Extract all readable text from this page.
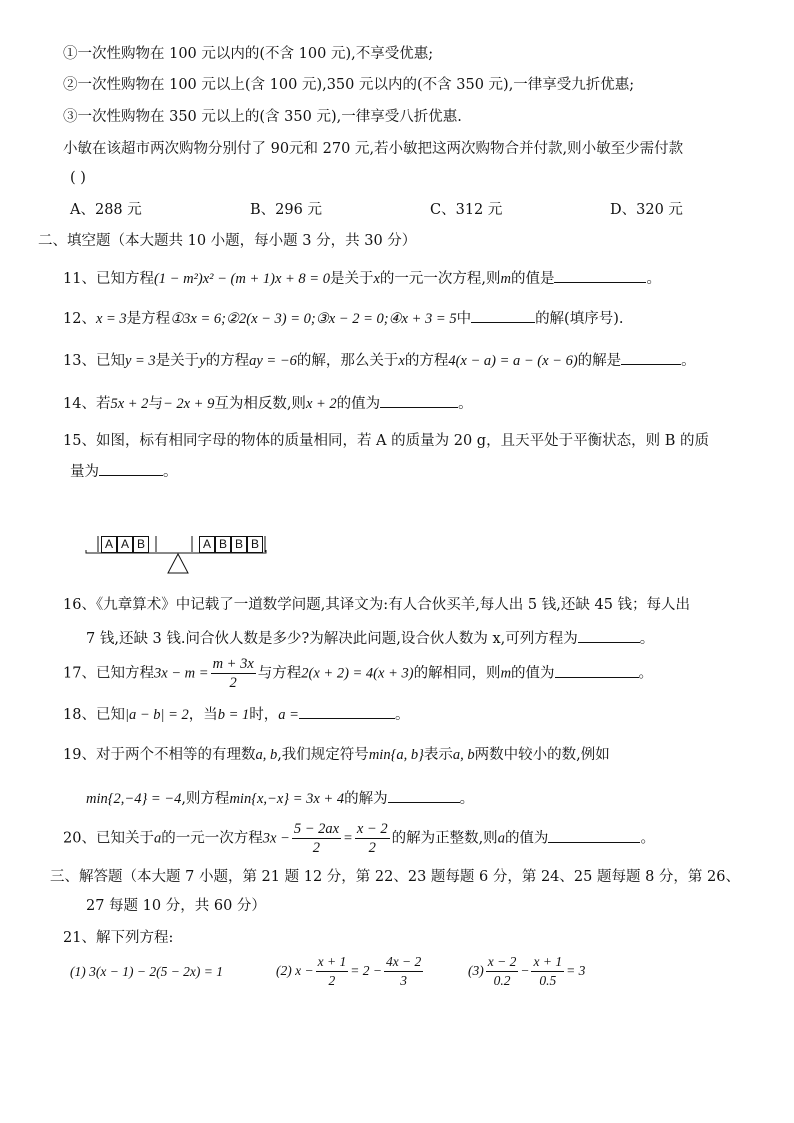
①一次性购物在 100 元以内的(不含 100 元),不享受优惠;
②一次性购物在 100 元以上(含 100 元),350 元以内的(不含 350 元),一律享受九折优惠;
③一次性购物在 350 元以上的(含 350 元),一律享受八折优惠.
小敏在该超市两次购物分别付了 90元和 270 元,若小敏把这两次购物合并付款,则小敏至少需付款
( )
A、288 元	B、296 元	C、312 元	D、320 元
二、填空题（本大题共 10 小题，每小题 3 分，共 30 分）
11、已知方程(1 − m²)x² − (m + 1)x + 8 = 0是关于x的一元一次方程,则m的值是	。
12、x = 3是方程①3x = 6;②2(x − 3) = 0;③x − 2 = 0;④x + 3 = 5中	的解(填序号).
13、已知y = 3是关于y的方程ay = −6的解，那么关于x的方程4(x − a) = a − (x − 6)的解是	。
14、若5x + 2与− 2x + 9互为相反数,则x + 2的值为	。
15、如图，标有相同字母的物体的质量相同，若 A 的质量为 20 g，且天平处于平衡状态，则 B 的质
量为	。
A A B	A B B B
16、《九章算术》中记载了一道数学问题,其译文为:有人合伙买羊,每人出 5 钱,还缺 45 钱；每人出
7 钱,还缺 3 钱.问合伙人数是多少?为解决此问题,设合伙人数为 x,可列方程为	。
17、已知方程$3x - m = \frac{m + 3x}{2}$ 与方程2(x + 2) = 4(x + 3)的解相同，则m的值为	。
18、已知|a − b| = 2，当b = 1时，a =	。
19、对于两个不相等的有理数a, b,我们规定符号min{a, b}表示a, b两数中较小的数,例如
min{2,−4} = −4,则方程min{x,−x} = 3x + 4的解为	。
20、已知关于a的一元一次方程$3x - \frac{5 - 2ax}{2} = \frac{x - 2}{2}$ 的解为正整数,则a的值为	。
三、解答题（本大题 7 小题，第 21 题 12 分，第 22、23 题每题 6 分，第 24、25 题每题 8 分，第 26、
27 每题 10 分，共 60 分）
21、解下列方程:
(1) 3(x − 1) − 2(5 − 2x) = 1	(2) $x - \frac{x + 1}{2} = 2 - \frac{4x - 2}{3}$	$(3) \frac{x - 2}{0.2} - \frac{x + 1}{0.5} = 3$
